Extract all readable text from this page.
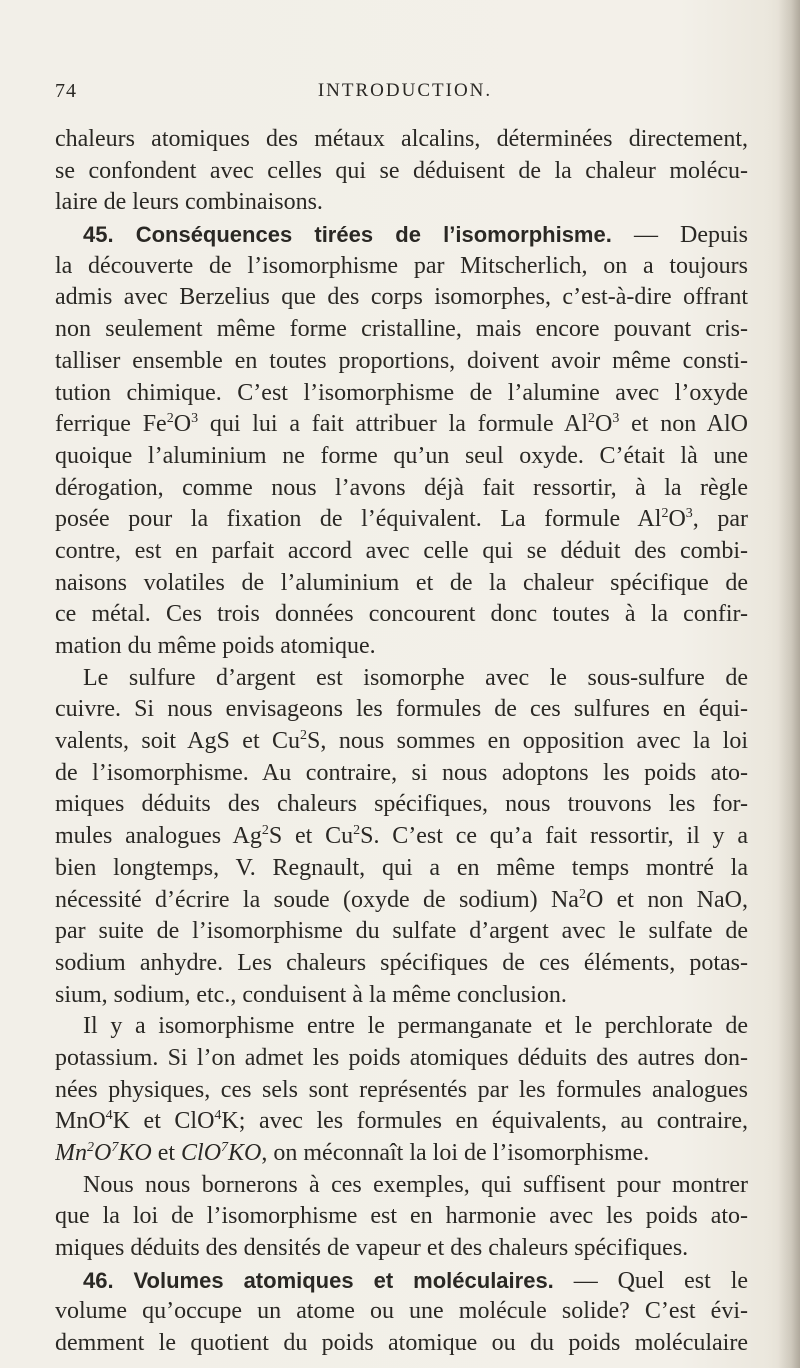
74	INTRODUCTION.
chaleurs atomiques des métaux alcalins, déterminées directement,
se confondent avec celles qui se déduisent de la chaleur molécu-
laire de leurs combinaisons.
45. Conséquences tirées de l’isomorphisme. — Depuis
la découverte de l’isomorphisme par Mitscherlich, on a toujours
admis avec Berzelius que des corps isomorphes, c’est-à-dire offrant
non seulement même forme cristalline, mais encore pouvant cris-
talliser ensemble en toutes proportions, doivent avoir même consti-
tution chimique. C’est l’isomorphisme de l’alumine avec l’oxyde
ferrique $Fe^2O^3$ qui lui a fait attribuer la formule $Al^2O^3$ et non AlO
quoique l’aluminium ne forme qu’un seul oxyde. C’était là une
dérogation, comme nous l’avons déjà fait ressortir, à la règle
posée pour la fixation de l’équivalent. La formule $Al^2O^3$, par
contre, est en parfait accord avec celle qui se déduit des combi-
naisons volatiles de l’aluminium et de la chaleur spécifique de
ce métal. Ces trois données concourent donc toutes à la confir-
mation du même poids atomique.
Le sulfure d’argent est isomorphe avec le sous-sulfure de
cuivre. Si nous envisageons les formules de ces sulfures en équi-
valents, soit AgS et Cu$^2$S, nous sommes en opposition avec la loi
de l’isomorphisme. Au contraire, si nous adoptons les poids ato-
miques déduits des chaleurs spécifiques, nous trouvons les for-
mules analogues Ag$^2$S et Cu$^2$S. C’est ce qu’a fait ressortir, il y a
bien longtemps, V. Regnault, qui a en même temps montré la
nécessité d’écrire la soude (oxyde de sodium) Na$^2$O et non NaO,
par suite de l’isomorphisme du sulfate d’argent avec le sulfate de
sodium anhydre. Les chaleurs spécifiques de ces éléments, potas-
sium, sodium, etc., conduisent à la même conclusion.
Il y a isomorphisme entre le permanganate et le perchlorate de
potassium. Si l’on admet les poids atomiques déduits des autres don-
nées physiques, ces sels sont représentés par les formules analogues
MnO$^4$K et ClO$^4$K; avec les formules en équivalents, au contraire,
$Mn^2O^7KO$ et ClO$^7$KO, on méconnaît la loi de l’isomorphisme.
Nous nous bornerons à ces exemples, qui suffisent pour montrer
que la loi de l’isomorphisme est en harmonie avec les poids ato-
miques déduits des densités de vapeur et des chaleurs spécifiques.
46. Volumes atomiques et moléculaires. — Quel est le
volume qu’occupe un atome ou une molécule solide? C’est évi-
demment le quotient du poids atomique ou du poids moléculaire
